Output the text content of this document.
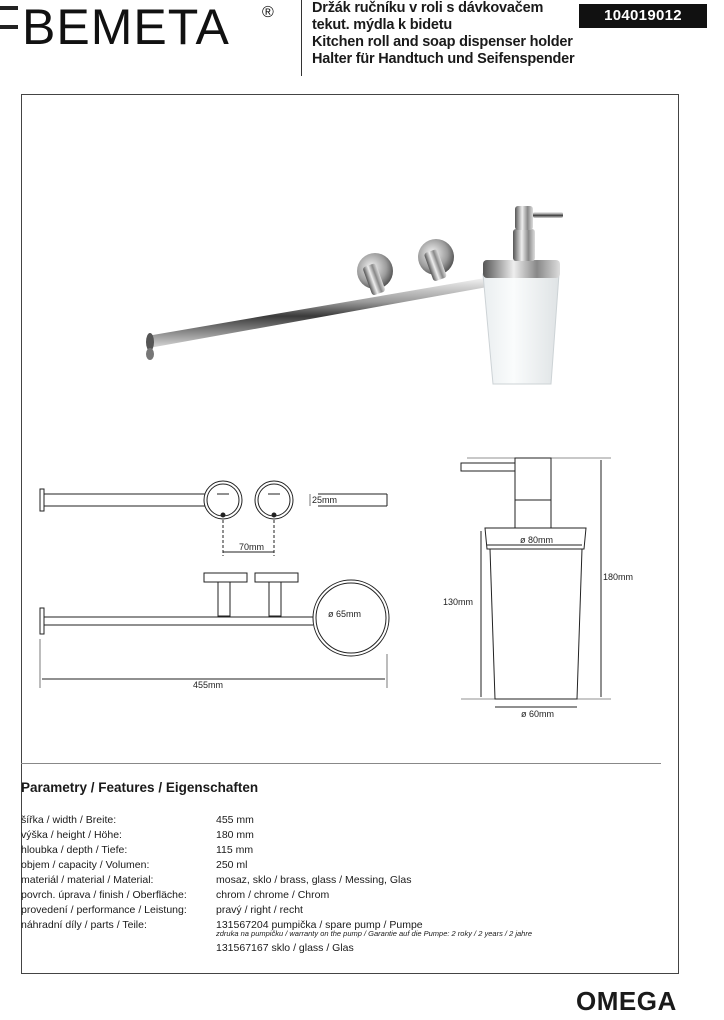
BEMETA ®	Držák ručníku v roli s dávkovačem
tekut. mýdla k bidetu
Kitchen roll and soap dispenser holder
Halter für Handtuch und Seifenspender
104019012
70mm
25mm
ø 65mm
455mm
ø 80mm
ø 60mm
130mm
180mm
Parametry / Features / Eigenschaften
šířka / width / Breite:	455 mm
výška / height / Höhe:	180 mm
hloubka / depth / Tiefe:	115 mm
objem / capacity / Volumen:	250 ml
materiál / material / Material:	mosaz, sklo / brass, glass / Messing, Glas
povrch. úprava / finish / Oberfläche:	chrom / chrome / Chrom
provedení / performance / Leistung:	pravý / right / recht
náhradní díly / parts / Teile:	131567204 pumpička / spare pump / Pumpe
zdruka na pumpičku / warranty on the pump / Garantie auf die Pumpe: 2 roky / 2 years / 2 jahre
131567167 sklo / glass / Glas
OMEGA
